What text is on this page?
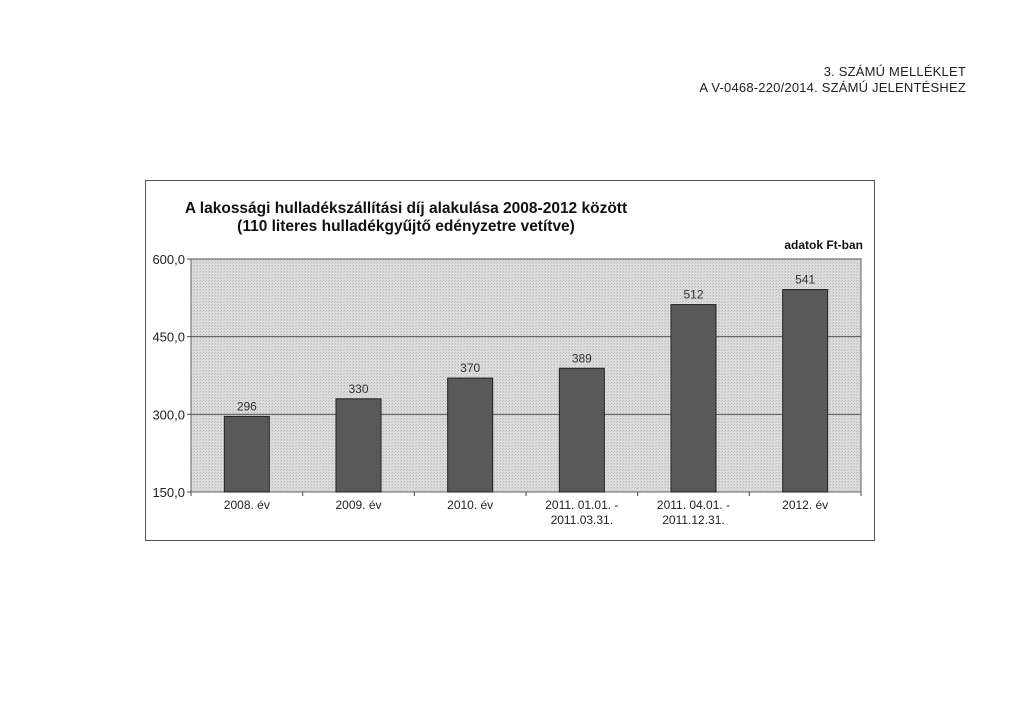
3. SZÁMÚ MELLÉKLET
A V-0468-220/2014. SZÁMÚ JELENTÉSHEZ
A lakossági hulladékszállítási díj alakulása 2008-2012 között
(110 literes hulladékgyűjtő edényzetre vetítve)
adatok Ft-ban
150,0
300,0
450,0
600,0
296
2008. év
330
2009. év
370
2010. év
389
2011. 01.01. -2011.03.31.
512
2011. 04.01. -2011.12.31.
541
2012. év
